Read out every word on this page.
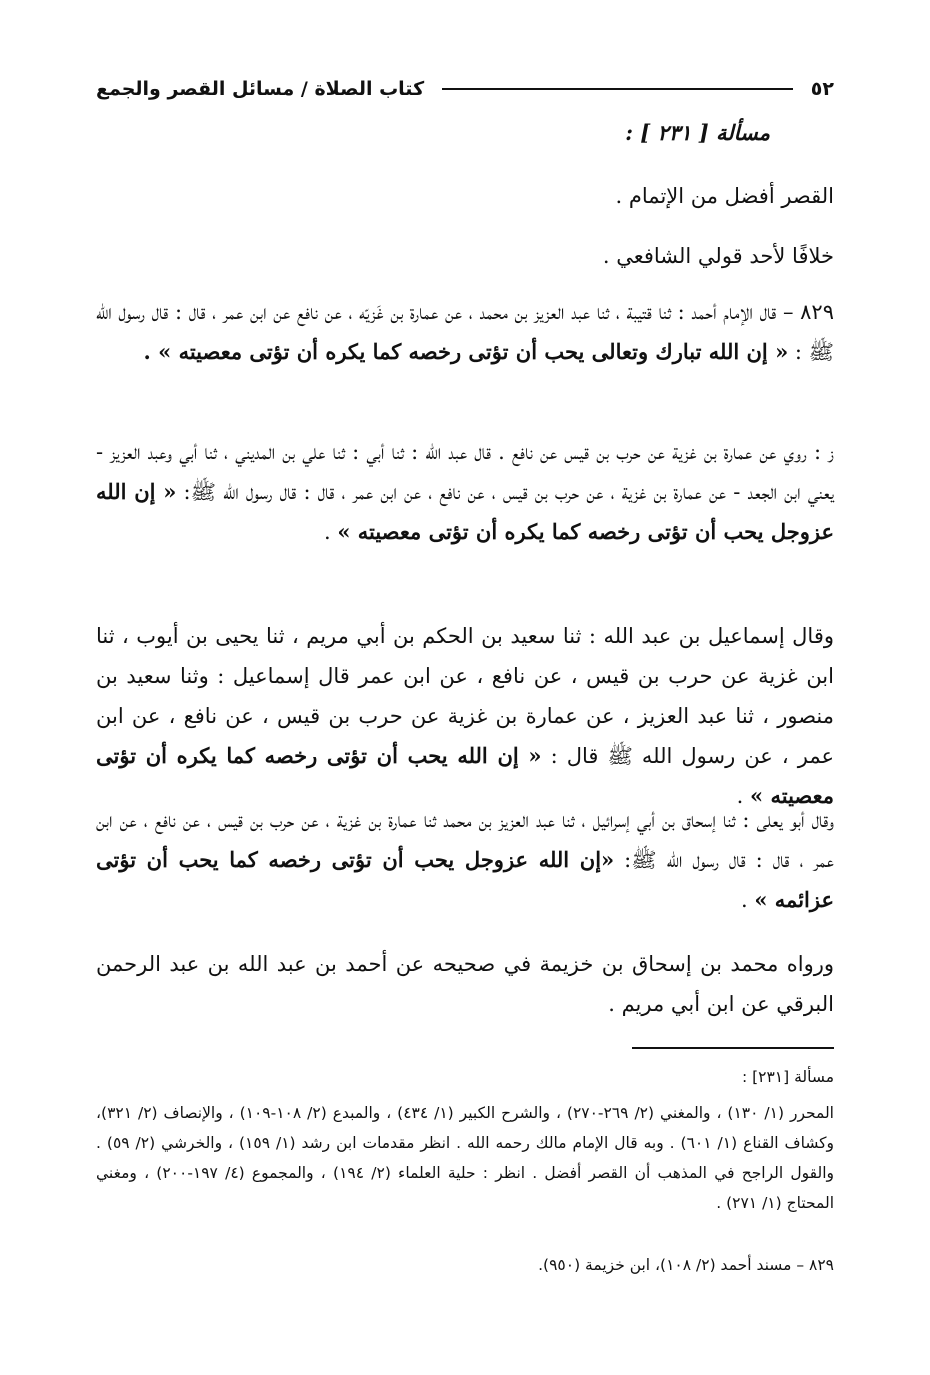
٥٢
كتاب الصلاة / مسائل القصر والجمع
مسألة [ ٢٣١ ] :
القصر أفضل من الإتمام .
خلافًا لأحد قولي الشافعي .
٨٢٩ – قال الإمام أحمد : ثنا قتيبة ، ثنا عبد العزيز بن محمد ، عن عمارة بن غَزيّه ، عن نافع عن ابن عمر ، قال : قال رسول الله ﷺ : « إن الله تبارك وتعالى يحب أن تؤتى رخصه كما يكره أن تؤتى معصيته » .
ز : روي عن عمارة بن غزية عن حرب بن قيس عن نافع . قال عبد الله : ثنا أبي : ثنا علي بن المديني ، ثنا أبي وعبد العزيز - يعني ابن الجعد - عن عمارة بن غزية ، عن حرب بن قيس ، عن نافع ، عن ابن عمر ، قال : قال رسول الله ﷺ: « إن الله عزوجل يحب أن تؤتى رخصه كما يكره أن تؤتى معصيته » .
وقال إسماعيل بن عبد الله : ثنا سعيد بن الحكم بن أبي مريم ، ثنا يحيى بن أيوب ، ثنا ابن غزية عن حرب بن قيس ، عن نافع ، عن ابن عمر قال إسماعيل : وثنا سعيد بن منصور ، ثنا عبد العزيز ، عن عمارة بن غزية عن حرب بن قيس ، عن نافع ، عن ابن عمر ، عن رسول الله ﷺ قال : « إن الله يحب أن تؤتى رخصه كما يكره أن تؤتى معصيته » .
وقال أبو يعلى : ثنا إسحاق بن أبي إسرائيل ، ثنا عبد العزيز بن محمد ثنا عمارة بن غزية ، عن حرب بن قيس ، عن نافع ، عن ابن عمر ، قال : قال رسول الله ﷺ: «إن الله عزوجل يحب أن تؤتى رخصه كما يحب أن تؤتى عزائمه » .
ورواه محمد بن إسحاق بن خزيمة في صحيحه عن أحمد بن عبد الله بن عبد الرحمن البرقي عن ابن أبي مريم .
مسألة [٢٣١] :
المحرر (١/ ١٣٠) ، والمغني (٢/ ٢٦٩-٢٧٠) ، والشرح الكبير (١/ ٤٣٤) ، والمبدع (٢/ ١٠٨-١٠٩) ، والإنصاف (٢/ ٣٢١)، وكشاف القناع (١/ ٦٠١) . وبه قال الإمام مالك رحمه الله . انظر مقدمات ابن رشد (١/ ١٥٩) ، والخرشي (٢/ ٥٩) . والقول الراجح في المذهب أن القصر أفضل . انظر : حلية العلماء (٢/ ١٩٤) ، والمجموع (٤/ ١٩٧-٢٠٠) ، ومغني المحتاج (١/ ٢٧١) .
٨٢٩ – مسند أحمد (٢/ ١٠٨)، ابن خزيمة (٩٥٠).
